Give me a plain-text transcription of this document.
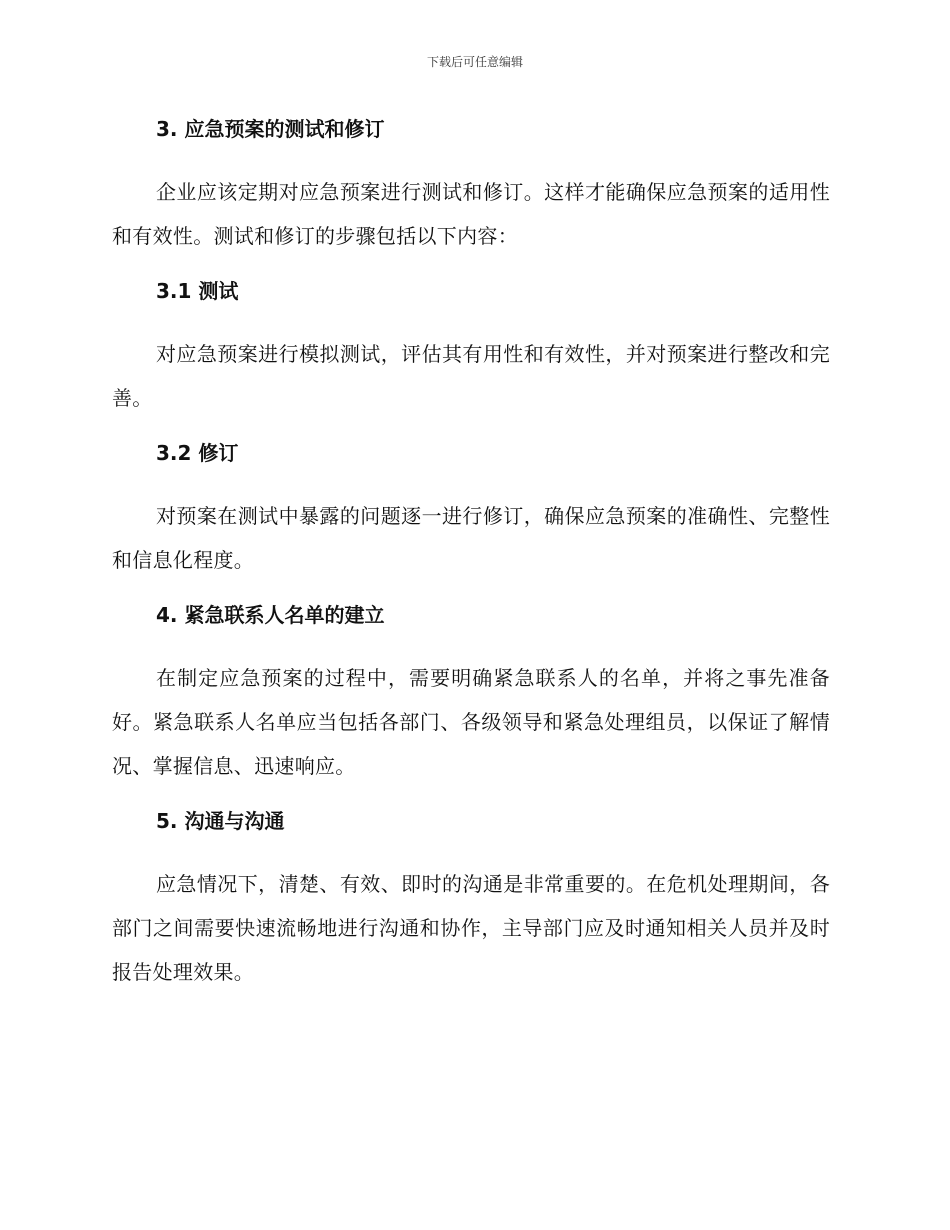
下载后可任意编辑
3. 应急预案的测试和修订
企业应该定期对应急预案进行测试和修订。这样才能确保应急预案的适用性和有效性。测试和修订的步骤包括以下内容：
3.1 测试
对应急预案进行模拟测试，评估其有用性和有效性，并对预案进行整改和完善。
3.2 修订
对预案在测试中暴露的问题逐一进行修订，确保应急预案的准确性、完整性和信息化程度。
4. 紧急联系人名单的建立
在制定应急预案的过程中，需要明确紧急联系人的名单，并将之事先准备好。紧急联系人名单应当包括各部门、各级领导和紧急处理组员，以保证了解情况、掌握信息、迅速响应。
5. 沟通与沟通
应急情况下，清楚、有效、即时的沟通是非常重要的。在危机处理期间，各部门之间需要快速流畅地进行沟通和协作，主导部门应及时通知相关人员并及时报告处理效果。
